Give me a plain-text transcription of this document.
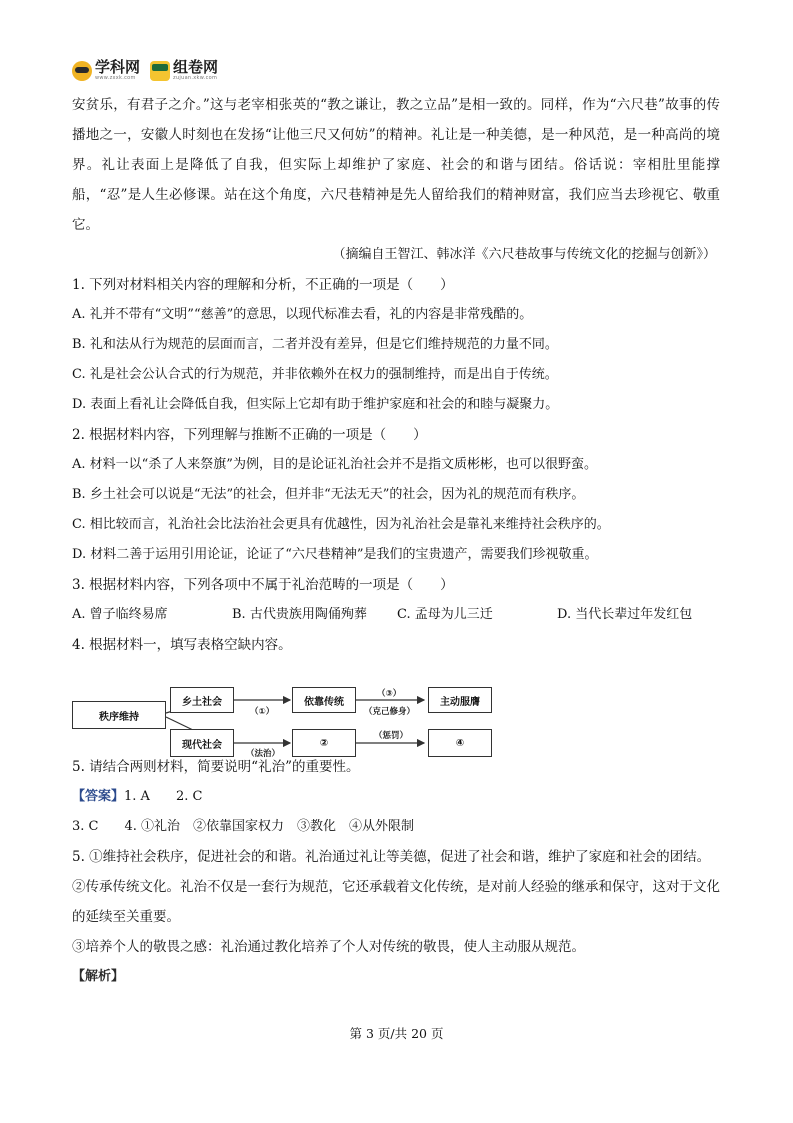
学科网
www.zxxk.com
组卷网
zujuan.xkw.com

安贫乐，有君子之介。”这与老宰相张英的“教之谦让，教之立品”是相一致的。同样，作为“六尺巷”故事的传播地之一，安徽人时刻也在发扬“让他三尺又何妨”的精神。礼让是一种美德，是一种风范，是一种高尚的境界。礼让表面上是降低了自我，但实际上却维护了家庭、社会的和谐与团结。俗话说：宰相肚里能撑船，“忍”是人生必修课。站在这个角度，六尺巷精神是先人留给我们的精神财富，我们应当去珍视它、敬重它。

（摘编自王智江、韩冰洋《六尺巷故事与传统文化的挖掘与创新》）

1. 下列对材料相关内容的理解和分析，不正确的一项是（　　）

A. 礼并不带有“文明”“慈善”的意思，以现代标准去看，礼的内容是非常残酷的。

B. 礼和法从行为规范的层面而言，二者并没有差异，但是它们维持规范的力量不同。

C. 礼是社会公认合式的行为规范，并非依赖外在权力的强制维持，而是出自于传统。

D. 表面上看礼让会降低自我，但实际上它却有助于维护家庭和社会的和睦与凝聚力。

2. 根据材料内容，下列理解与推断不正确的一项是（　　）

A. 材料一以“杀了人来祭旗”为例，目的是论证礼治社会并不是指文质彬彬，也可以很野蛮。

B. 乡土社会可以说是“无法”的社会，但并非“无法无天”的社会，因为礼的规范而有秩序。

C. 相比较而言，礼治社会比法治社会更具有优越性，因为礼治社会是靠礼来维持社会秩序的。

D. 材料二善于运用引用论证，论证了“六尺巷精神”是我们的宝贵遗产，需要我们珍视敬重。

3. 根据材料内容，下列各项中不属于礼治范畴的一项是（　　）

A. 曾子临终易席	B. 古代贵族用陶俑殉葬	C. 孟母为儿三迁	D. 当代长辈过年发红包

4. 根据材料一，填写表格空缺内容。

5. 请结合两则材料，简要说明“礼治”的重要性。

【答案】1. A　　2. C

3. C　　4. ①礼治　②依靠国家权力　③教化　④从外限制

5. ①维持社会秩序，促进社会的和谐。礼治通过礼让等美德，促进了社会和谐，维护了家庭和社会的团结。

②传承传统文化。礼治不仅是一套行为规范，它还承载着文化传统，是对前人经验的继承和保守，这对于文化的延续至关重要。

③培养个人的敬畏之感：礼治通过教化培养了个人对传统的敬畏，使人主动服从规范。

【解析】

秩序维持
乡土社会	依靠传统	主动服膺
现代社会	②	④
（①）
（③）
（克己修身）
（法治）
（惩罚）
第 3 页/共 20 页
